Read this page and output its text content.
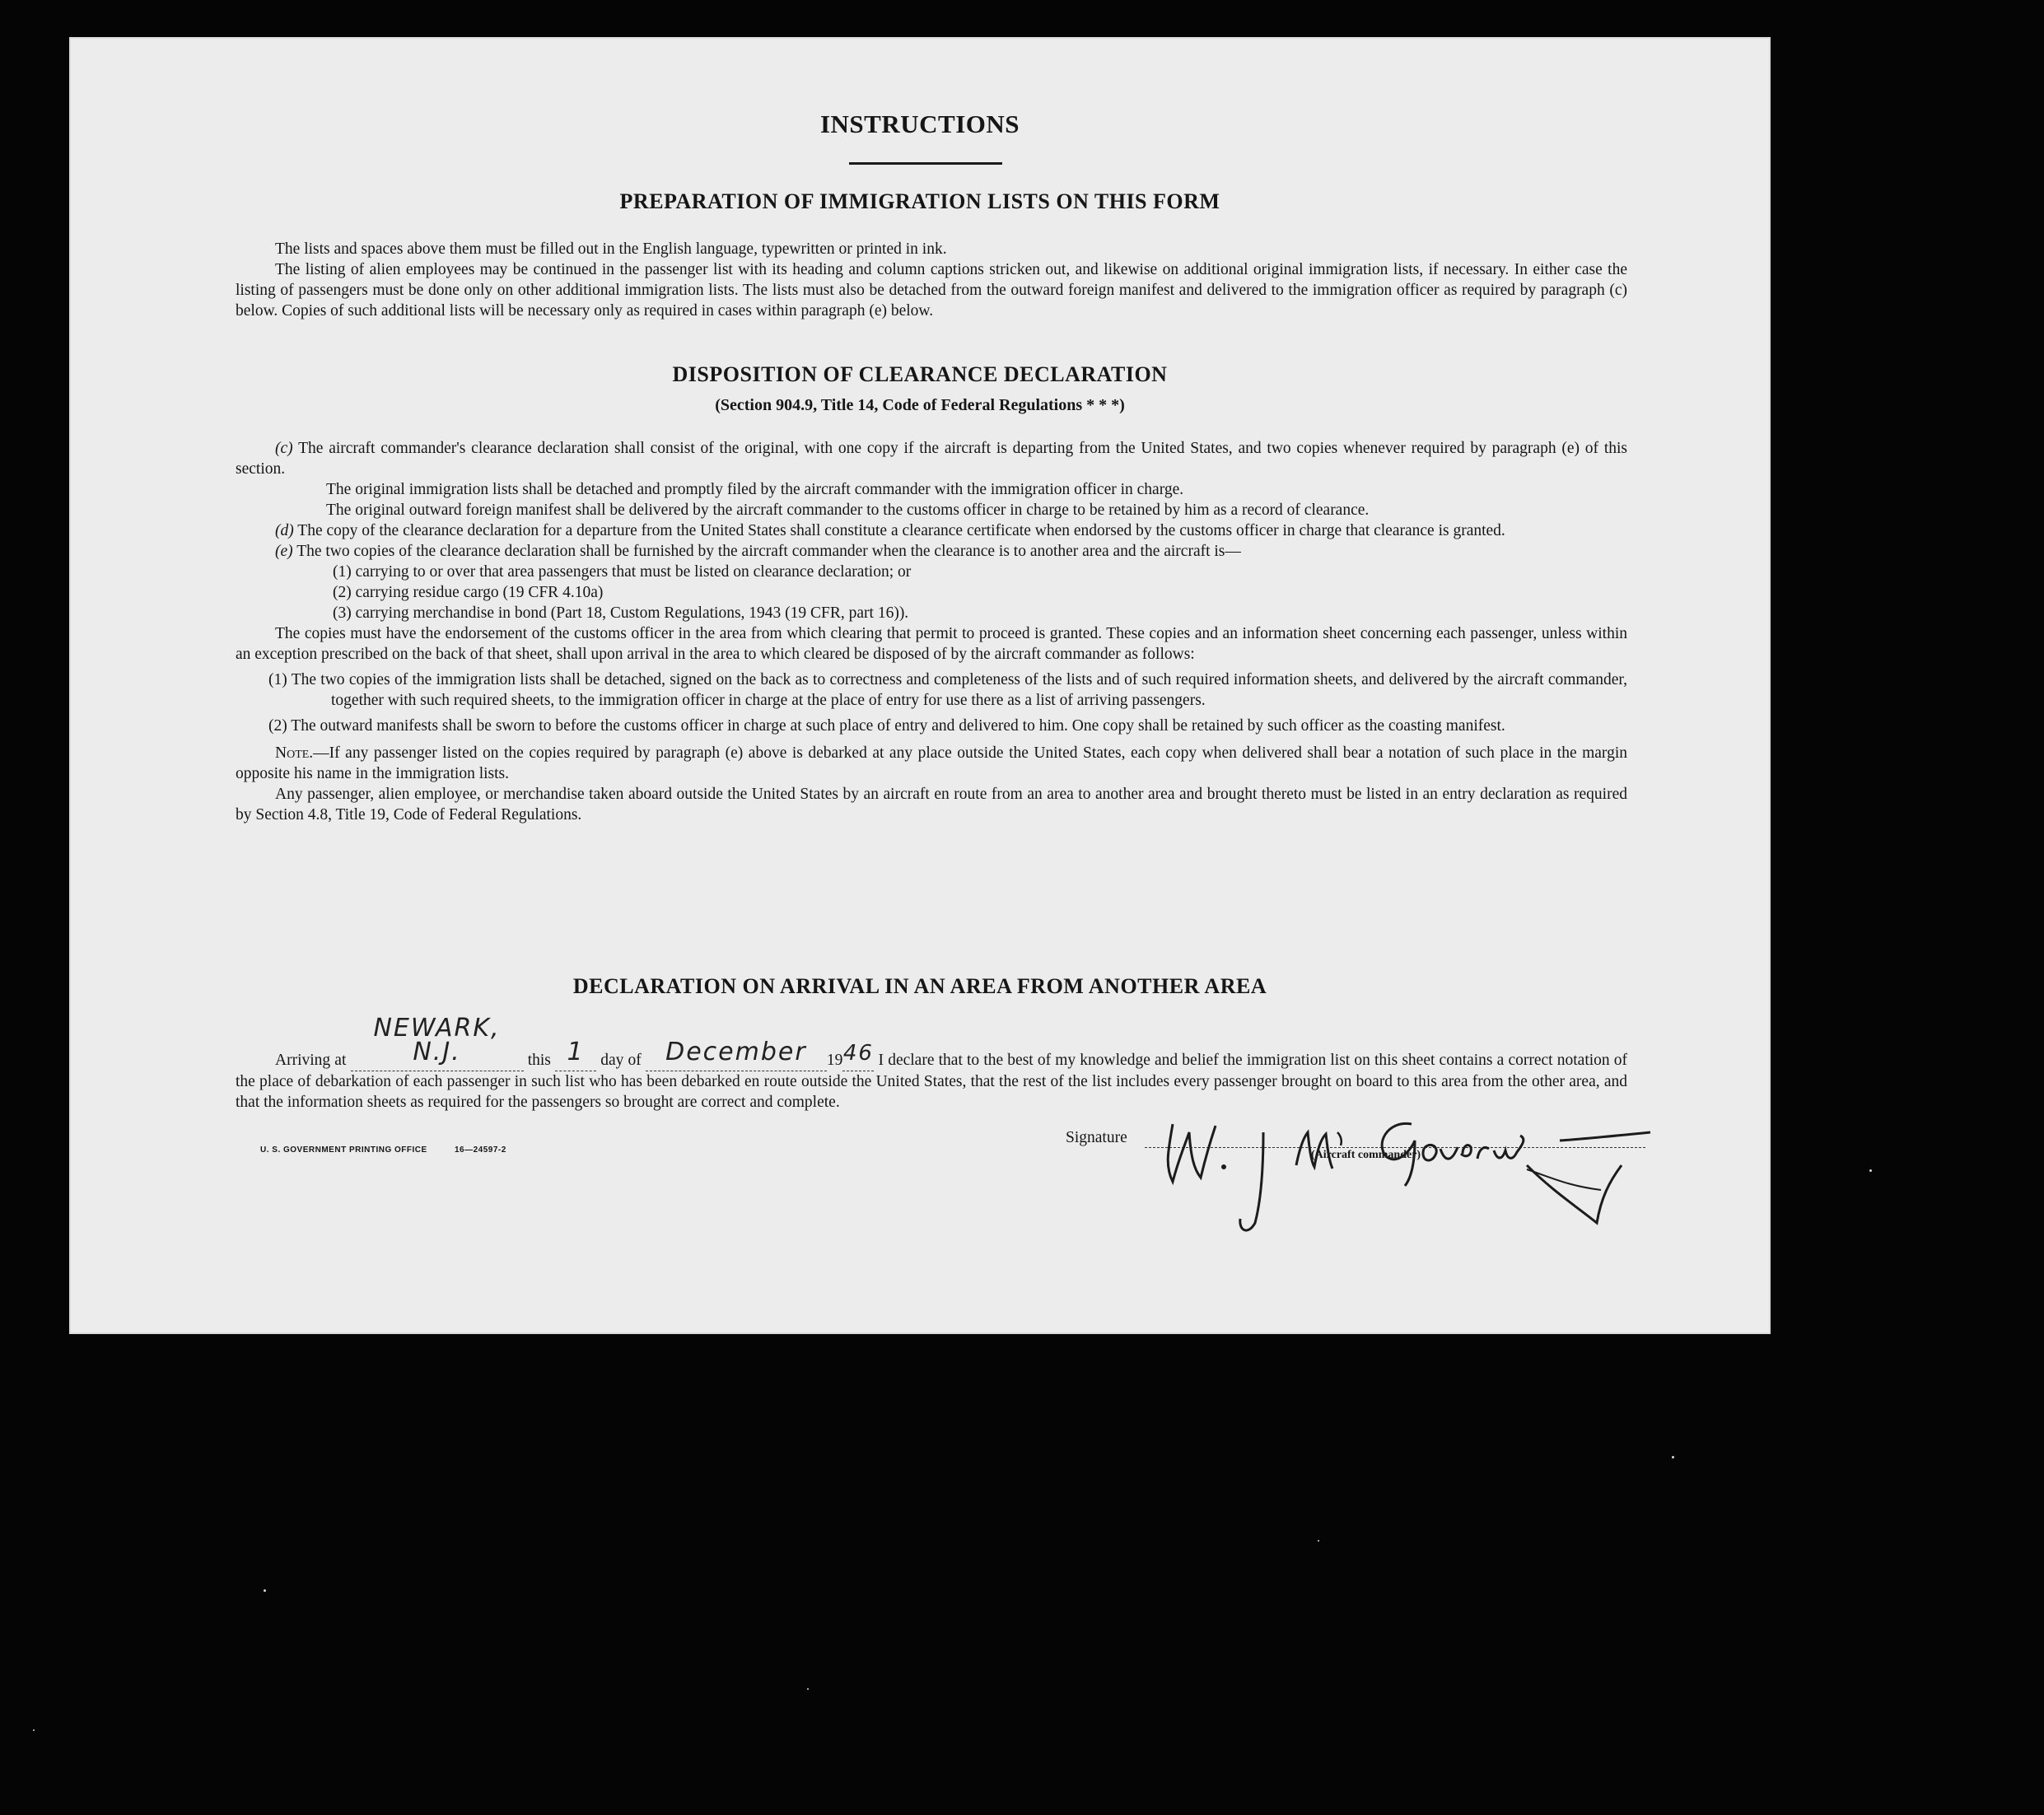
INSTRUCTIONS
PREPARATION OF IMMIGRATION LISTS ON THIS FORM

The lists and spaces above them must be filled out in the English language, typewritten or printed in ink.

The listing of alien employees may be continued in the passenger list with its heading and column captions stricken out, and likewise on additional original immigration lists, if necessary. In either case the listing of passengers must be done only on other additional immigration lists. The lists must also be detached from the outward foreign manifest and delivered to the immigration officer as required by paragraph (c) below. Copies of such additional lists will be necessary only as required in cases within paragraph (e) below.

DISPOSITION OF CLEARANCE DECLARATION
(Section 904.9, Title 14, Code of Federal Regulations * * *)

(c) The aircraft commander's clearance declaration shall consist of the original, with one copy if the aircraft is departing from the United States, and two copies whenever required by paragraph (e) of this section.

The original immigration lists shall be detached and promptly filed by the aircraft commander with the immigration officer in charge.

The original outward foreign manifest shall be delivered by the aircraft commander to the customs officer in charge to be retained by him as a record of clearance.

(d) The copy of the clearance declaration for a departure from the United States shall constitute a clearance certificate when endorsed by the customs officer in charge that clearance is granted.

(e) The two copies of the clearance declaration shall be furnished by the aircraft commander when the clearance is to another area and the aircraft is—

(1) carrying to or over that area passengers that must be listed on clearance declaration; or

(2) carrying residue cargo (19 CFR 4.10a)

(3) carrying merchandise in bond (Part 18, Custom Regulations, 1943 (19 CFR, part 16)).

The copies must have the endorsement of the customs officer in the area from which clearing that permit to proceed is granted. These copies and an information sheet concerning each passenger, unless within an exception prescribed on the back of that sheet, shall upon arrival in the area to which cleared be disposed of by the aircraft commander as follows:

(1) The two copies of the immigration lists shall be detached, signed on the back as to correctness and completeness of the lists and of such required information sheets, and delivered by the aircraft commander, together with such required sheets, to the immigration officer in charge at the place of entry for use there as a list of arriving passengers.

(2) The outward manifests shall be sworn to before the customs officer in charge at such place of entry and delivered to him. One copy shall be retained by such officer as the coasting manifest.

Note.—If any passenger listed on the copies required by paragraph (e) above is debarked at any place outside the United States, each copy when delivered shall bear a notation of such place in the margin opposite his name in the immigration lists.

Any passenger, alien employee, or merchandise taken aboard outside the United States by an aircraft en route from an area to another area and brought thereto must be listed in an entry declaration as required by Section 4.8, Title 19, Code of Federal Regulations.

DECLARATION ON ARRIVAL IN AN AREA FROM ANOTHER AREA
Arriving at NEWARK, N.J.	this 1 day of December 1946 I declare that to the best of my knowledge and belief the immigration list on this sheet contains a correct notation of the place of debarkation of each passenger in such list who has been debarked en route outside the United States, that the rest of the list includes every passenger brought on board to this area from the other area, and that the information sheets as required for the passengers so brought are correct and complete.
U. S. GOVERNMENT PRINTING OFFICE	16—24597-2
Signature
(Aircraft commander)
